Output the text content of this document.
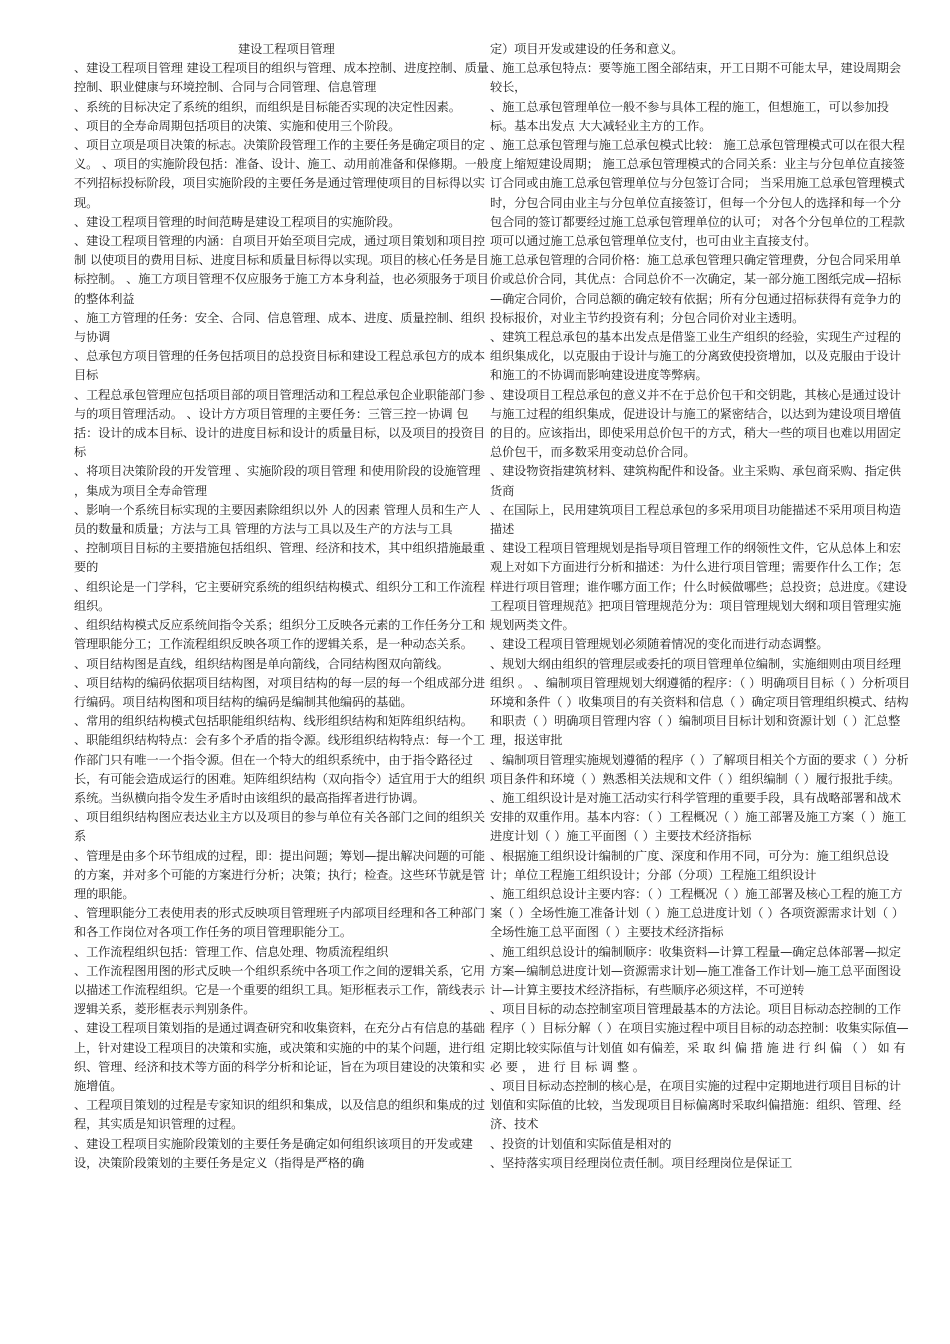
建设工程项目管理
、建设工程项目管理 建设工程项目的组织与管理、成本控制、进度控制、质量控制、职业健康与环境控制、合同与合同管理、信息管理
、系统的目标决定了系统的组织，而组织是目标能否实现的决定性因素。
、项目的全寿命周期包括项目的决策、实施和使用三个阶段。
、项目立项是项目决策的标志。决策阶段管理工作的主要任务是确定项目的定义。 、项目的实施阶段包括：准备、设计、施工、动用前准备和保修期。一般不列招标投标阶段，项目实施阶段的主要任务是通过管理使项目的目标得以实现。
、建设工程项目管理的时间范畴是建设工程项目的实施阶段。
、建设工程项目管理的内涵：自项目开始至项目完成，通过项目策划和项目控制 以使项目的费用目标、进度目标和质量目标得以实现。项目的核心任务是目标控制。 、施工方项目管理不仅应服务于施工方本身利益，也必须服务于项目的整体利益
、施工方管理的任务：安全、合同、信息管理、成本、进度、质量控制、组织与协调
、总承包方项目管理的任务包括项目的总投资目标和建设工程总承包方的成本目标
、工程总承包管理应包括项目部的项目管理活动和工程总承包企业职能部门参与的项目管理活动。 、设计方方项目管理的主要任务：三管三控一协调 包括：设计的成本目标、设计的进度目标和设计的质量目标，以及项目的投资目标
、将项目决策阶段的开发管理 、实施阶段的项目管理 和使用阶段的设施管理 ，集成为项目全寿命管理
、影响一个系统目标实现的主要因素除组织以外 人的因素 管理人员和生产人员的数量和质量；方法与工具 管理的方法与工具以及生产的方法与工具
、控制项目目标的主要措施包括组织、管理、经济和技术，其中组织措施最重要的
、组织论是一门学科，它主要研究系统的组织结构模式、组织分工和工作流程组织。
、组织结构模式反应系统间指令关系；组织分工反映各元素的工作任务分工和管理职能分工；工作流程组织反映各项工作的逻辑关系，是一种动态关系。
、项目结构图是直线，组织结构图是单向箭线，合同结构图双向箭线。
、项目结构的编码依据项目结构图，对项目结构的每一层的每一个组成部分进行编码。项目结构图和项目结构的编码是编制其他编码的基础。
、常用的组织结构模式包括职能组织结构、线形组织结构和矩阵组织结构。
、职能组织结构特点：会有多个矛盾的指令源。线形组织结构特点：每一个工作部门只有唯一一个指令源。但在一个特大的组织系统中，由于指令路径过长，有可能会造成运行的困难。矩阵组织结构（双向指令）适宜用于大的组织系统。当纵横向指令发生矛盾时由该组织的最高指挥者进行协调。
、项目组织结构图应表达业主方以及项目的参与单位有关各部门之间的组织关系
、管理是由多个环节组成的过程，即：提出问题；筹划—提出解决问题的可能的方案，并对多个可能的方案进行分析；决策；执行；检查。这些环节就是管理的职能。
、管理职能分工表使用表的形式反映项目管理班子内部项目经理和各工种部门和各工作岗位对各项工作任务的项目管理职能分工。
、工作流程组织包括：管理工作、信息处理、物质流程组织
、工作流程图用图的形式反映一个组织系统中各项工作之间的逻辑关系，它用以描述工作流程组织。它是一个重要的组织工具。矩形框表示工作，箭线表示逻辑关系，菱形框表示判别条件。
、建设工程项目策划指的是通过调查研究和收集资料，在充分占有信息的基础上，针对建设工程项目的决策和实施，或决策和实施的中的某个问题，进行组织、管理、经济和技术等方面的科学分析和论证，旨在为项目建设的决策和实施增值。
、工程项目策划的过程是专家知识的组织和集成，以及信息的组织和集成的过程，其实质是知识管理的过程。
、建设工程项目实施阶段策划的主要任务是确定如何组织该项目的开发或建设，决策阶段策划的主要任务是定义（指得是严格的确
定）项目开发或建设的任务和意义。
、施工总承包特点：要等施工图全部结束，开工日期不可能太早，建设周期会较长，
、施工总承包管理单位一般不参与具体工程的施工，但想施工，可以参加投标。基本出发点 大大减轻业主方的工作。
、施工总承包管理与施工总承包模式比较： 施工总承包管理模式可以在很大程度上缩短建设周期； 施工总承包管理模式的合同关系：业主与分包单位直接签订合同或由施工总承包管理单位与分包签订合同； 当采用施工总承包管理模式时，分包合同由业主与分包单位直接签订，但每一个分包人的选择和每一个分包合同的签订都要经过施工总承包管理单位的认可； 对各个分包单位的工程款项可以通过施工总承包管理单位支付，也可由业主直接支付。
施工总承包管理的合同价格：施工总承包管理只确定管理费，分包合同采用单价或总价合同，其优点：合同总价不一次确定，某一部分施工图纸完成—招标—确定合同价，合同总额的确定较有依据；所有分包通过招标获得有竞争力的投标报价，对业主节约投资有利；分包合同价对业主透明。
、建筑工程总承包的基本出发点是借鉴工业生产组织的经验，实现生产过程的组织集成化，以克服由于设计与施工的分离致使投资增加，以及克服由于设计和施工的不协调而影响建设进度等弊病。
、建设项目工程总承包的意义并不在于总价包干和交钥匙，其核心是通过设计与施工过程的组织集成，促进设计与施工的紧密结合，以达到为建设项目增值的目的。应该指出，即使采用总价包干的方式，稍大一些的项目也难以用固定总价包干，而多数采用变动总价合同。
、建设物资指建筑材料、建筑构配件和设备。业主采购、承包商采购、指定供货商
、在国际上，民用建筑项目工程总承包的多采用项目功能描述不采用项目构造描述
、建设工程项目管理规划是指导项目管理工作的纲领性文件，它从总体上和宏观上对如下方面进行分析和描述：为什么进行项目管理；需要作什么工作；怎样进行项目管理；谁作哪方面工作；什么时候做哪些；总投资；总进度。《建设工程项目管理规范》把项目管理规范分为：项目管理规划大纲和项目管理实施规划两类文件。
、建设工程项目管理规划必须随着情况的变化而进行动态调整。
、规划大纲由组织的管理层或委托的项目管理单位编制，实施细则由项目经理组织 。 、编制项目管理规划大纲遵循的程序：（ ）明确项目目标（ ）分析项目环境和条件（ ）收集项目的有关资料和信息（ ）确定项目管理组织模式、结构和职责（ ）明确项目管理内容（ ）编制项目目标计划和资源计划（ ）汇总整理，报送审批
、编制项目管理实施规划遵循的程序（ ）了解项目相关个方面的要求（ ）分析项目条件和环境（ ）熟悉相关法规和文件（ ）组织编制（ ）履行报批手续。 、施工组织设计是对施工活动实行科学管理的重要手段，具有战略部署和战术安排的双重作用。基本内容：（ ）工程概况（ ）施工部署及施工方案（ ）施工进度计划（ ）施工平面图（ ）主要技术经济指标
、根据施工组织设计编制的广度、深度和作用不同，可分为：施工组织总设计；单位工程施工组织设计；分部（分项）工程施工组织设计
、施工组织总设计主要内容：（ ）工程概况（ ）施工部署及核心工程的施工方案（ ）全场性施工准备计划（ ）施工总进度计划（ ）各项资源需求计划（ ）全场性施工总平面图（ ）主要技术经济指标
、施工组织总设计的编制顺序：收集资料—计算工程量—确定总体部署—拟定方案—编制总进度计划—资源需求计划—施工准备工作计划—施工总平面图设计—计算主要技术经济指标，有些顺序必须这样，不可逆转
、项目目标的动态控制室项目管理最基本的方法论。项目目标动态控制的工作程序（ ）目标分解（ ）在项目实施过程中项目目标的动态控制：收集实际值—定期比较实际值与计划值 如有偏差，采 取 纠 偏 措 施 进 行 纠 偏 （ ） 如 有 必 要 ， 进 行 目 标 调 整 。
、项目目标动态控制的核心是，在项目实施的过程中定期地进行项目目标的计划值和实际值的比较，当发现项目目标偏离时采取纠偏措施：组织、管理、经济、技术
、投资的计划值和实际值是相对的
、坚持落实项目经理岗位责任制。项目经理岗位是保证工
